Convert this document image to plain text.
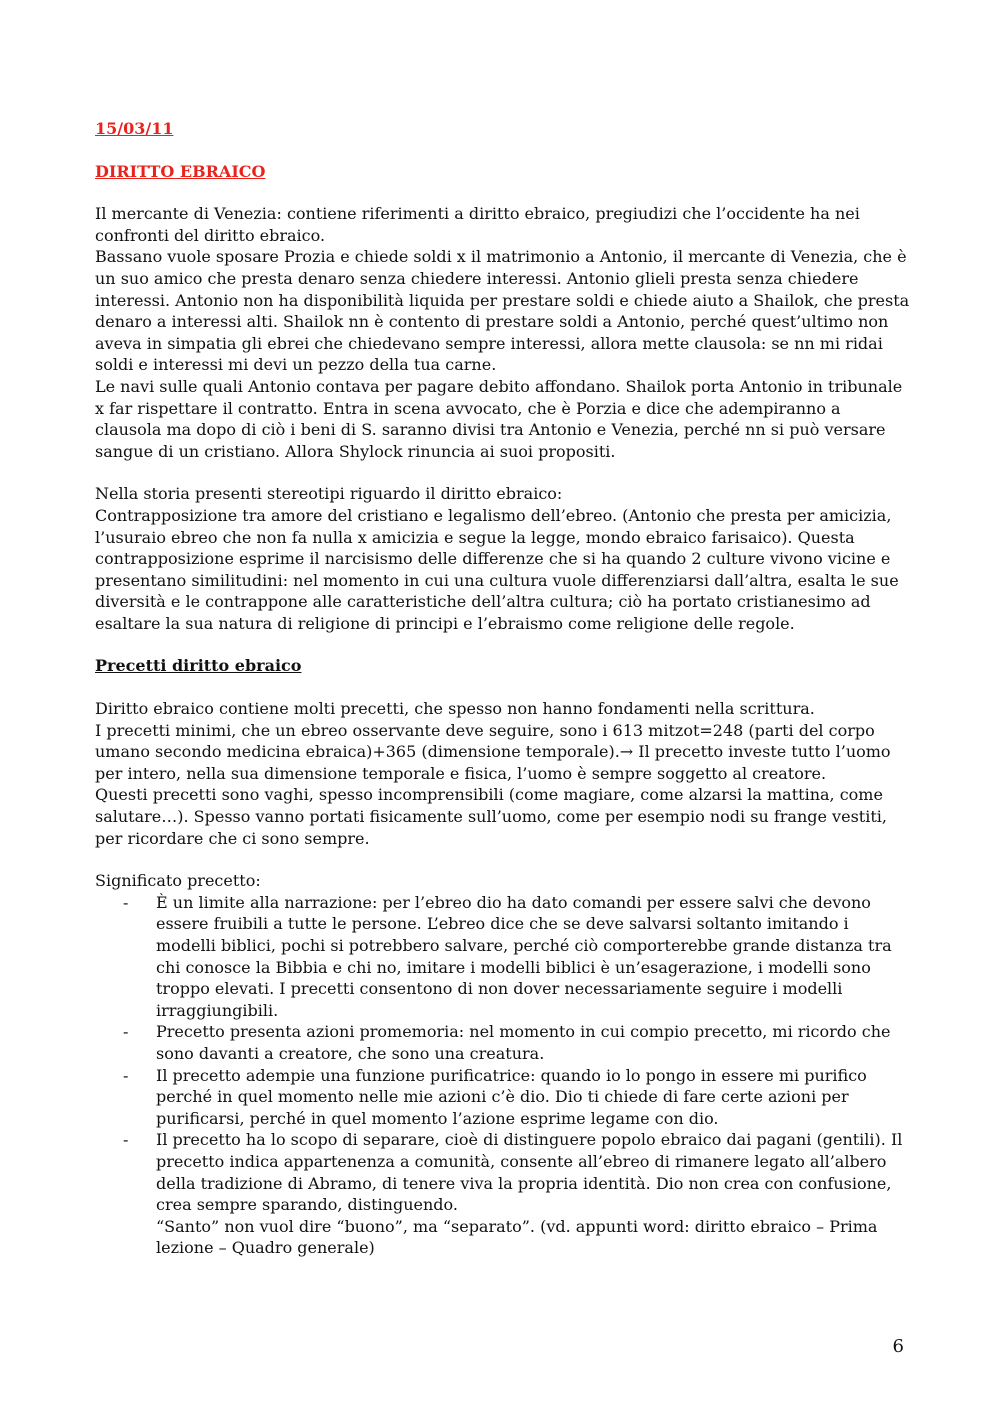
15/03/11

DIRITTO EBRAICO

Il mercante di Venezia: contiene riferimenti a diritto ebraico, pregiudizi che l’occidente ha nei confronti del diritto ebraico.

Bassano vuole sposare Prozia e chiede soldi x il matrimonio a Antonio, il mercante di Venezia, che è un suo amico che presta denaro senza chiedere interessi. Antonio glieli presta senza chiedere interessi. Antonio non ha disponibilità liquida per prestare soldi e chiede aiuto a Shailok, che presta denaro a interessi alti. Shailok nn è contento di prestare soldi a Antonio, perché quest’ultimo non aveva in simpatia gli ebrei che chiedevano sempre interessi, allora mette clausola: se nn mi ridai soldi e interessi mi devi un pezzo della tua carne.

Le navi sulle quali Antonio contava per pagare debito affondano. Shailok porta Antonio in tribunale x far rispettare il contratto. Entra in scena avvocato, che è Porzia e dice che adempiranno a clausola ma dopo di ciò i beni di S. saranno divisi tra Antonio e Venezia, perché nn si può versare sangue di un cristiano. Allora Shylock rinuncia ai suoi propositi.

Nella storia presenti stereotipi riguardo il diritto ebraico:

Contrapposizione tra amore del cristiano e legalismo dell’ebreo. (Antonio che presta per amicizia, l’usuraio ebreo che non fa nulla x amicizia e segue la legge, mondo ebraico farisaico). Questa contrapposizione esprime il narcisismo delle differenze che si ha quando 2 culture vivono vicine e presentano similitudini: nel momento in cui una cultura vuole differenziarsi dall’altra, esalta le sue diversità e le contrappone alle caratteristiche dell’altra cultura; ciò ha portato cristianesimo ad esaltare la sua natura di religione di principi e l’ebraismo come religione delle regole.

Precetti diritto ebraico

Diritto ebraico contiene molti precetti, che spesso non hanno fondamenti nella scrittura.

I precetti minimi, che un ebreo osservante deve seguire, sono i 613 mitzot=248 (parti del corpo umano secondo medicina ebraica)+365 (dimensione temporale).→ Il precetto investe tutto l’uomo per intero, nella sua dimensione temporale e fisica, l’uomo è sempre soggetto al creatore.

Questi precetti sono vaghi, spesso incomprensibili (come magiare, come alzarsi la mattina, come salutare…). Spesso vanno portati fisicamente sull’uomo, come per esempio nodi su frange vestiti, per ricordare che ci sono sempre.

Significato precetto:

- È un limite alla narrazione: per l’ebreo dio ha dato comandi per essere salvi che devono essere fruibili a tutte le persone. L’ebreo dice che se deve salvarsi soltanto imitando i modelli biblici, pochi si potrebbero salvare, perché ciò comporterebbe grande distanza tra chi conosce la Bibbia e chi no, imitare i modelli biblici è un’esagerazione, i modelli sono troppo elevati. I precetti consentono di non dover necessariamente seguire i modelli irraggiungibili.
- Precetto presenta azioni promemoria: nel momento in cui compio precetto, mi ricordo che sono davanti a creatore, che sono una creatura.
- Il precetto adempie una funzione purificatrice: quando io lo pongo in essere mi purifico perché in quel momento nelle mie azioni c’è dio. Dio ti chiede di fare certe azioni per purificarsi, perché in quel momento l’azione esprime legame con dio.
- Il precetto ha lo scopo di separare, cioè di distinguere popolo ebraico dai pagani (gentili). Il precetto indica appartenenza a comunità, consente all’ebreo di rimanere legato all’albero della tradizione di Abramo, di tenere viva la propria identità. Dio non crea con confusione, crea sempre sparando, distinguendo.
“Santo” non vuol dire “buono”, ma “separato”. (vd. appunti word: diritto ebraico – Prima lezione – Quadro generale)
6
